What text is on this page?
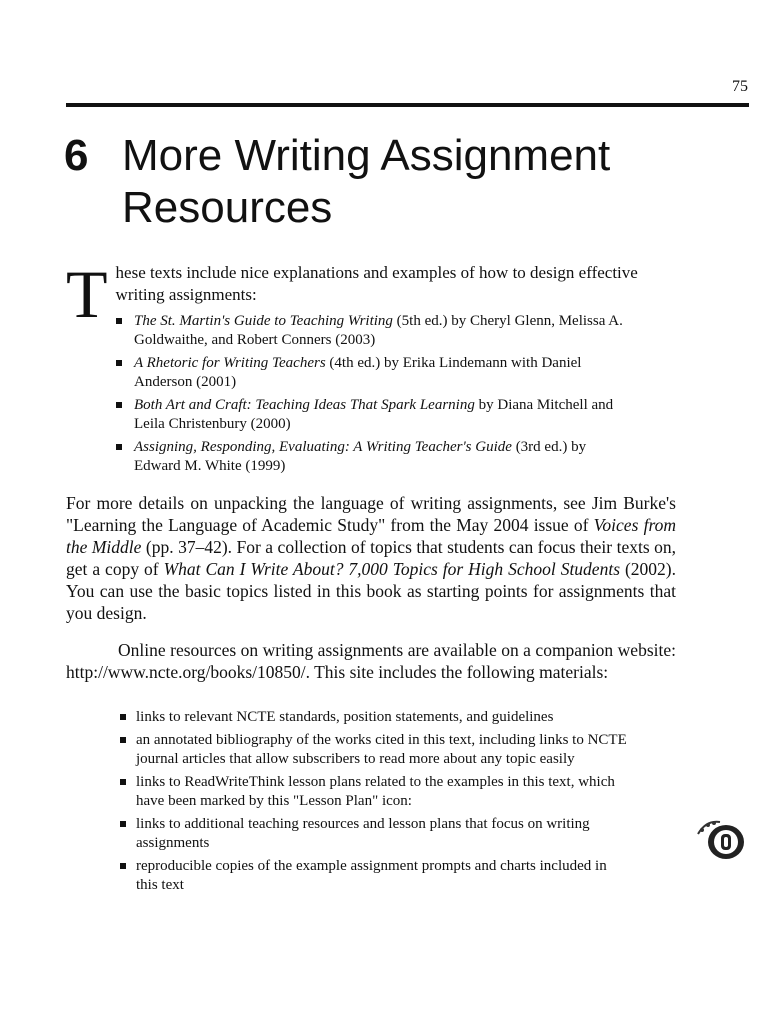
75
6 More Writing Assignment
Resources
T hese texts include nice explanations and examples of how to design effective writing assignments:
The St. Martin's Guide to Teaching Writing (5th ed.) by Cheryl Glenn, Melissa A. Goldwaithe, and Robert Conners (2003)
A Rhetoric for Writing Teachers (4th ed.) by Erika Lindemann with Daniel Anderson (2001)
Both Art and Craft: Teaching Ideas That Spark Learning by Diana Mitchell and Leila Christenbury (2000)
Assigning, Responding, Evaluating: A Writing Teacher's Guide (3rd ed.) by Edward M. White (1999)

For more details on unpacking the language of writing assignments, see Jim Burke's "Learning the Language of Academic Study" from the May 2004 issue of Voices from the Middle (pp. 37–42). For a collection of topics that students can focus their texts on, get a copy of What Can I Write About? 7,000 Topics for High School Students (2002). You can use the basic topics listed in this book as starting points for assignments that you design.

Online resources on writing assignments are available on a companion website: http://www.ncte.org/books/10850/. This site includes the following materials:

links to relevant NCTE standards, position statements, and guidelines
an annotated bibliography of the works cited in this text, including links to NCTE journal articles that allow subscribers to read more about any topic easily
links to ReadWriteThink lesson plans related to the examples in this text, which have been marked by this "Lesson Plan" icon:
links to additional teaching resources and lesson plans that focus on writing assignments
reproducible copies of the example assignment prompts and charts included in this text
